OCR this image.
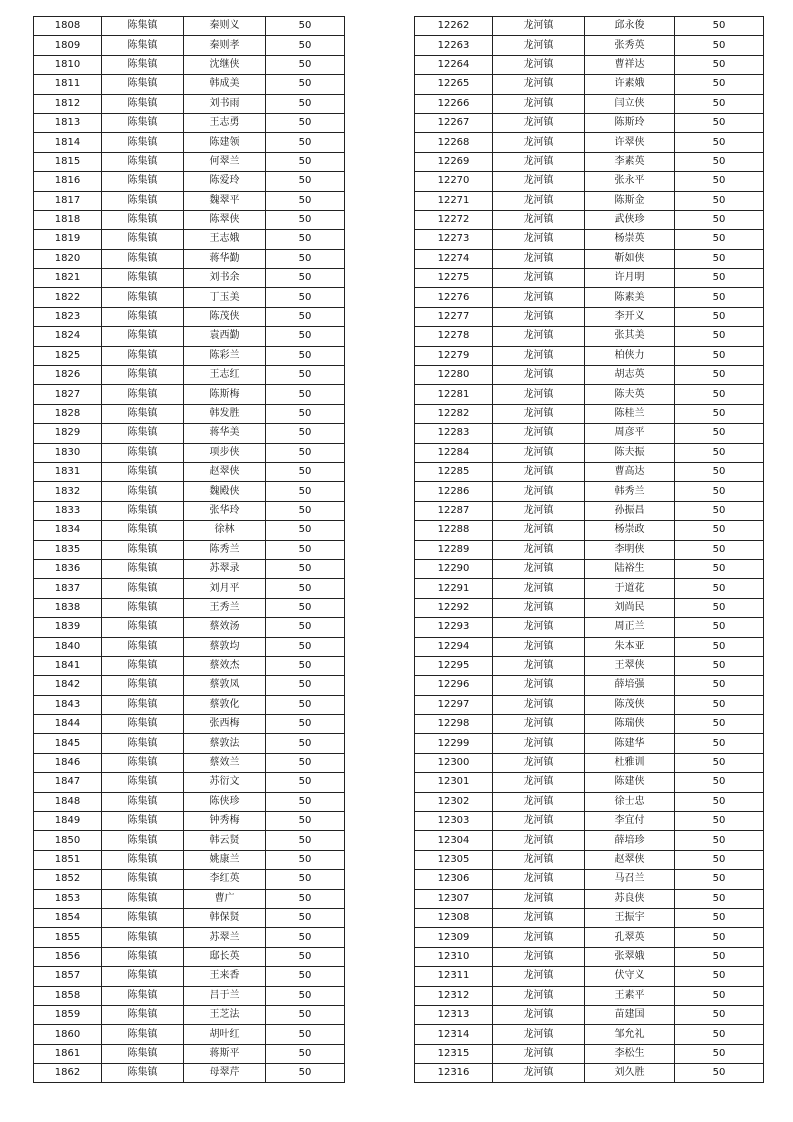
1808	陈集镇	秦则义	50
1809	陈集镇	秦则孝	50
1810	陈集镇	沈继侠	50
1811	陈集镇	韩成美	50
1812	陈集镇	刘书雨	50
1813	陈集镇	王志勇	50
1814	陈集镇	陈建领	50
1815	陈集镇	何翠兰	50
1816	陈集镇	陈爱玲	50
1817	陈集镇	魏翠平	50
1818	陈集镇	陈翠侠	50
1819	陈集镇	王志娥	50
1820	陈集镇	蒋华勤	50
1821	陈集镇	刘书余	50
1822	陈集镇	丁玉美	50
1823	陈集镇	陈茂侠	50
1824	陈集镇	袁西勤	50
1825	陈集镇	陈彩兰	50
1826	陈集镇	王志红	50
1827	陈集镇	陈斯梅	50
1828	陈集镇	韩发胜	50
1829	陈集镇	蒋华美	50
1830	陈集镇	项步侠	50
1831	陈集镇	赵翠侠	50
1832	陈集镇	魏殿侠	50
1833	陈集镇	张华玲	50
1834	陈集镇	徐林	50
1835	陈集镇	陈秀兰	50
1836	陈集镇	苏翠录	50
1837	陈集镇	刘月平	50
1838	陈集镇	王秀兰	50
1839	陈集镇	蔡效汤	50
1840	陈集镇	蔡敦均	50
1841	陈集镇	蔡效杰	50
1842	陈集镇	蔡敦凤	50
1843	陈集镇	蔡敦化	50
1844	陈集镇	张西梅	50
1845	陈集镇	蔡敦法	50
1846	陈集镇	蔡效兰	50
1847	陈集镇	苏衍文	50
1848	陈集镇	陈侠珍	50
1849	陈集镇	钟秀梅	50
1850	陈集镇	韩云贤	50
1851	陈集镇	姚康兰	50
1852	陈集镇	李红英	50
1853	陈集镇	曹广	50
1854	陈集镇	韩保贤	50
1855	陈集镇	苏翠兰	50
1856	陈集镇	邸长英	50
1857	陈集镇	王来香	50
1858	陈集镇	吕于兰	50
1859	陈集镇	王芝法	50
1860	陈集镇	胡叶红	50
1861	陈集镇	蒋斯平	50
1862	陈集镇	母翠芹	50
12262	龙河镇	邱永俊	50
12263	龙河镇	张秀英	50
12264	龙河镇	曹祥达	50
12265	龙河镇	许素娥	50
12266	龙河镇	闫立侠	50
12267	龙河镇	陈斯玲	50
12268	龙河镇	许翠侠	50
12269	龙河镇	李素英	50
12270	龙河镇	张永平	50
12271	龙河镇	陈斯金	50
12272	龙河镇	武侠珍	50
12273	龙河镇	杨崇英	50
12274	龙河镇	靳如侠	50
12275	龙河镇	许月明	50
12276	龙河镇	陈素美	50
12277	龙河镇	李开义	50
12278	龙河镇	张其美	50
12279	龙河镇	柏侠力	50
12280	龙河镇	胡志英	50
12281	龙河镇	陈夫英	50
12282	龙河镇	陈桂兰	50
12283	龙河镇	周彦平	50
12284	龙河镇	陈夫振	50
12285	龙河镇	曹高达	50
12286	龙河镇	韩秀兰	50
12287	龙河镇	孙振昌	50
12288	龙河镇	杨崇政	50
12289	龙河镇	李明侠	50
12290	龙河镇	陆裕生	50
12291	龙河镇	于道花	50
12292	龙河镇	刘尚民	50
12293	龙河镇	周正兰	50
12294	龙河镇	朱本亚	50
12295	龙河镇	王翠侠	50
12296	龙河镇	薛培强	50
12297	龙河镇	陈茂侠	50
12298	龙河镇	陈瑞侠	50
12299	龙河镇	陈建华	50
12300	龙河镇	杜雅训	50
12301	龙河镇	陈建侠	50
12302	龙河镇	徐士忠	50
12303	龙河镇	李宜付	50
12304	龙河镇	薛培珍	50
12305	龙河镇	赵翠侠	50
12306	龙河镇	马召兰	50
12307	龙河镇	苏良侠	50
12308	龙河镇	王振宇	50
12309	龙河镇	孔翠英	50
12310	龙河镇	张翠娥	50
12311	龙河镇	伏守义	50
12312	龙河镇	王素平	50
12313	龙河镇	苗建国	50
12314	龙河镇	邹允礼	50
12315	龙河镇	李松生	50
12316	龙河镇	刘久胜	50
